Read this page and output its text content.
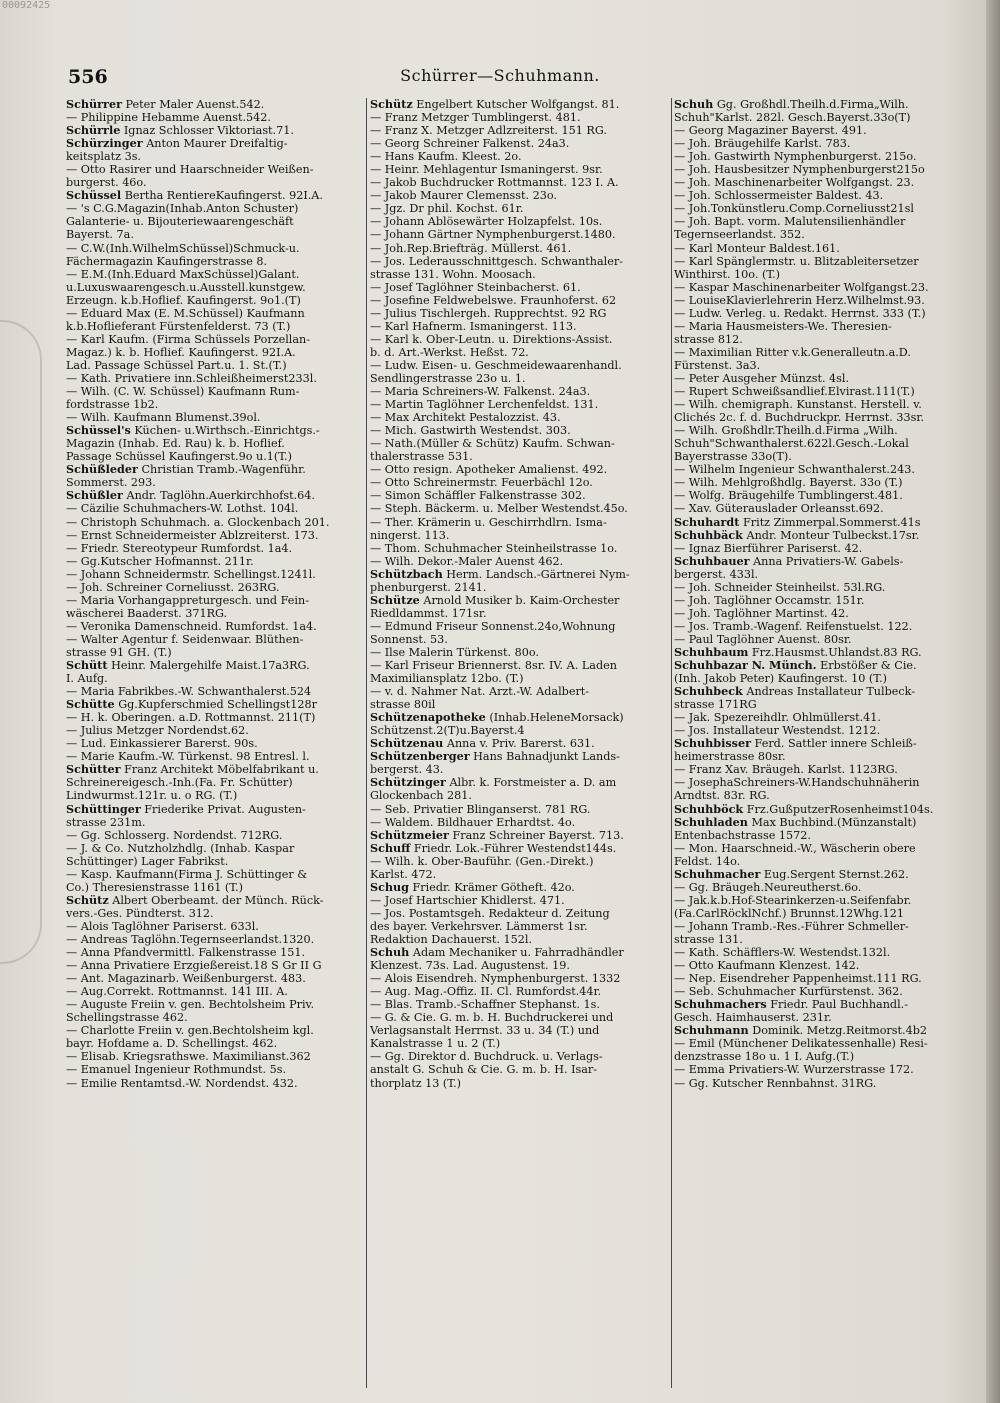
00092425
556	Schürrer—Schuhmann.
Schürrer Peter Maler Auenst.542.
— Philippine Hebamme Auenst.542.
Schürrle Ignaz Schlosser Viktoriast.71.
Schürzinger Anton Maurer Dreifaltig-
keitsplatz 3s.
— Otto Rasirer und Haarschneider Weißen-
burgerst. 46o.
Schüssel Bertha RentiereKaufingerst. 92I.A.
— 's C.G.Magazin(Inhab.Anton Schuster)
Galanterie- u. Bijouteriewaarengeschäft
Bayerst. 7a.
— C.W.(Inh.WilhelmSchüssel)Schmuck-u.
Fächermagazin Kaufingerstrasse 8.
— E.M.(Inh.Eduard MaxSchüssel)Galant.
u.Luxuswaarengesch.u.Ausstell.kunstgew.
Erzeugn. k.b.Hoflief. Kaufingerst. 9o1.(T)
— Eduard Max (E. M.Schüssel) Kaufmann
k.b.Hoflieferant Fürstenfelderst. 73 (T.)
— Karl Kaufm. (Firma Schüssels Porzellan-
Magaz.) k. b. Hoflief. Kaufingerst. 92I.A.
Lad. Passage Schüssel Part.u. 1. St.(T.)
— Kath. Privatiere inn.Schleißheimerst233l.
— Wilh. (C. W. Schüssel) Kaufmann Rum-
fordstrasse 1b2.
— Wilh. Kaufmann Blumenst.39ol.
Schüssel's Küchen- u.Wirthsch.-Einrichtgs.-
Magazin (Inhab. Ed. Rau) k. b. Hoflief.
Passage Schüssel Kaufingerst.9o u.1(T.)
Schüßleder Christian Tramb.-Wagenführ.
Sommerst. 293.
Schüßler Andr. Taglöhn.Auerkirchhofst.64.
— Cäzilie Schuhmachers-W. Lothst. 104l.
— Christoph Schuhmach. a. Glockenbach 201.
— Ernst Schneidermeister Ablzreiterst. 173.
— Friedr. Stereotypeur Rumfordst. 1a4.
— Gg.Kutscher Hofmannst. 211r.
— Johann Schneidermstr. Schellingst.1241l.
— Joh. Schreiner Corneliusst. 263RG.
— Maria Vorhangappreturgesch. und Fein-
wäscherei Baaderst. 371RG.
— Veronika Damenschneid. Rumfordst. 1a4.
— Walter Agentur f. Seidenwaar. Blüthen-
strasse 91 GH. (T.)
Schütt Heinr. Malergehilfe Maist.17a3RG.
I. Aufg.
— Maria Fabrikbes.-W. Schwanthalerst.524
Schütte Gg.Kupferschmied Schellingst128r
— H. k. Oberingen. a.D. Rottmannst. 211(T)
— Julius Metzger Nordendst.62.
— Lud. Einkassierer Barerst. 90s.
— Marie Kaufm.-W. Türkenst. 98 Entresl. l.
Schütter Franz Architekt Möbelfabrikant u.
Schreinereigesch.-Inh.(Fa. Fr. Schütter)
Lindwurmst.121r. u. o RG. (T.)
Schüttinger Friederike Privat. Augusten-
strasse 231m.
— Gg. Schlosserg. Nordendst. 712RG.
— J. & Co. Nutzholzhdlg. (Inhab. Kaspar
Schüttinger) Lager Fabrikst.
— Kasp. Kaufmann(Firma J. Schüttinger &
Co.) Theresienstrasse 1161 (T.)
Schütz Albert Oberbeamt. der Münch. Rück-
vers.-Ges. Pündterst. 312.
— Alois Taglöhner Pariserst. 633l.
— Andreas Taglöhn.Tegernseerlandst.1320.
— Anna Pfandvermittl. Falkenstrasse 151.
— Anna Privatiere Erzgießereist.18 S Gr II G
— Ant. Magazinarb. Weißenburgerst. 483.
— Aug.Correkt. Rottmannst. 141 III. A.
— Auguste Freiin v. gen. Bechtolsheim Priv.
Schellingstrasse 462.
— Charlotte Freiin v. gen.Bechtolsheim kgl.
bayr. Hofdame a. D. Schellingst. 462.
— Elisab. Kriegsrathswe. Maximilianst.362
— Emanuel Ingenieur Rothmundst. 5s.
— Emilie Rentamtsd.-W. Nordendst. 432.
Schütz Engelbert Kutscher Wolfgangst. 81.
— Franz Metzger Tumblingerst. 481.
— Franz X. Metzger Adlzreiterst. 151 RG.
— Georg Schreiner Falkenst. 24a3.
— Hans Kaufm. Kleest. 2o.
— Heinr. Mehlagentur Ismaningerst. 9sr.
— Jakob Buchdrucker Rottmannst. 123 I. A.
— Jakob Maurer Clemensst. 23o.
— Jgz. Dr phil. Kochst. 61r.
— Johann Ablösewärter Holzapfelst. 10s.
— Johann Gärtner Nymphenburgerst.1480.
— Joh.Rep.Briefträg. Müllerst. 461.
— Jos. Lederausschnittgesch. Schwanthaler-
strasse 131. Wohn. Moosach.
— Josef Taglöhner Steinbacherst. 61.
— Josefine Feldwebelswe. Fraunhoferst. 62
— Julius Tischlergeh. Rupprechtst. 92 RG
— Karl Hafnerm. Ismaningerst. 113.
— Karl k. Ober-Leutn. u. Direktions-Assist.
b. d. Art.-Werkst. Heßst. 72.
— Ludw. Eisen- u. Geschmeidewaarenhandl.
Sendlingerstrasse 23o u. 1.
— Maria Schreiners-W. Falkenst. 24a3.
— Martin Taglöhner Lerchenfeldst. 131.
— Max Architekt Pestalozzist. 43.
— Mich. Gastwirth Westendst. 303.
— Nath.(Müller & Schütz) Kaufm. Schwan-
thalerstrasse 531.
— Otto resign. Apotheker Amalienst. 492.
— Otto Schreinermstr. Feuerbächl 12o.
— Simon Schäffler Falkenstrasse 302.
— Steph. Bäckerm. u. Melber Westendst.45o.
— Ther. Krämerin u. Geschirrhdlrn. Isma-
ningerst. 113.
— Thom. Schuhmacher Steinheilstrasse 1o.
— Wilh. Dekor.-Maler Auenst 462.
Schützbach Herm. Landsch.-Gärtnerei Nym-
phenburgerst. 2141.
Schütze Arnold Musiker b. Kaim-Orchester
Riedldammst. 171sr.
— Edmund Friseur Sonnenst.24o,Wohnung
Sonnenst. 53.
— Ilse Malerin Türkenst. 80o.
— Karl Friseur Briennerst. 8sr. IV. A. Laden
Maximiliansplatz 12bo. (T.)
— v. d. Nahmer Nat. Arzt.-W. Adalbert-
strasse 80il
Schützenapotheke (Inhab.HeleneMorsack)
Schützenst.2(T)u.Bayerst.4
Schützenau Anna v. Priv. Barerst. 631.
Schützenberger Hans Bahnadjunkt Lands-
bergerst. 43.
Schützinger Albr. k. Forstmeister a. D. am
Glockenbach 281.
— Seb. Privatier Blinganserst. 781 RG.
— Waldem. Bildhauer Erhardtst. 4o.
Schützmeier Franz Schreiner Bayerst. 713.
Schuff Friedr. Lok.-Führer Westendst144s.
— Wilh. k. Ober-Bauführ. (Gen.-Direkt.)
Karlst. 472.
Schug Friedr. Krämer Götheft. 42o.
— Josef Hartschier Khidlerst. 471.
— Jos. Postamtsgeh. Redakteur d. Zeitung
des bayer. Verkehrsver. Lämmerst 1sr.
Redaktion Dachauerst. 152l.
Schuh Adam Mechaniker u. Fahrradhändler
Klenzest. 73s. Lad. Augustenst. 19.
— Alois Eisendreh. Nymphenburgerst. 1332
— Aug. Mag.-Offiz. II. Cl. Rumfordst.44r.
— Blas. Tramb.-Schaffner Stephanst. 1s.
— G. & Cie. G. m. b. H. Buchdruckerei und
Verlagsanstalt Herrnst. 33 u. 34 (T.) und
Kanalstrasse 1 u. 2 (T.)
— Gg. Direktor d. Buchdruck. u. Verlags-
anstalt G. Schuh & Cie. G. m. b. H. Isar-
thorplatz 13 (T.)
Schuh Gg. Großhdl.Theilh.d.Firma„Wilh.
Schuh"Karlst. 282l. Gesch.Bayerst.33o(T)
— Georg Magaziner Bayerst. 491.
— Joh. Bräugehilfe Karlst. 783.
— Joh. Gastwirth Nymphenburgerst. 215o.
— Joh. Hausbesitzer Nymphenburgerst215o
— Joh. Maschinenarbeiter Wolfgangst. 23.
— Joh. Schlossermeister Baldest. 43.
— Joh.Tonkünstleru.Comp.Corneliusst21sl
— Joh. Bapt. vorm. Malutensilienhändler
Tegernseerlandst. 352.
— Karl Monteur Baldest.161.
— Karl Spänglermstr. u. Blitzableitersetzer
Winthirst. 10o. (T.)
— Kaspar Maschinenarbeiter Wolfgangst.23.
— LouiseKlavierlehrerin Herz.Wilhelmst.93.
— Ludw. Verleg. u. Redakt. Herrnst. 333 (T.)
— Maria Hausmeisters-We. Theresien-
strasse 812.
— Maximilian Ritter v.k.Generalleutn.a.D.
Fürstenst. 3a3.
— Peter Ausgeher Münzst. 4sl.
— Rupert Schweißsandlief.Elvirast.111(T.)
— Wilh. chemigraph. Kunstanst. Herstell. v.
Clichés 2c. f. d. Buchdruckpr. Herrnst. 33sr.
— Wilh. Großhdlr.Theilh.d.Firma „Wilh.
Schuh"Schwanthalerst.622l.Gesch.-Lokal
Bayerstrasse 33o(T).
— Wilhelm Ingenieur Schwanthalerst.243.
— Wilh. Mehlgroßhdlg. Bayerst. 33o (T.)
— Wolfg. Bräugehilfe Tumblingerst.481.
— Xav. Güterauslader Orleansst.692.
Schuhardt Fritz Zimmerpal.Sommerst.41s
Schuhbäck Andr. Monteur Tulbeckst.17sr.
— Ignaz Bierführer Pariserst. 42.
Schuhbauer Anna Privatiers-W. Gabels-
bergerst. 433l.
— Joh. Schneider Steinheilst. 53l.RG.
— Joh. Taglöhner Occamstr. 151r.
— Joh. Taglöhner Martinst. 42.
— Jos. Tramb.-Wagenf. Reifenstuelst. 122.
— Paul Taglöhner Auenst. 80sr.
Schuhbaum Frz.Hausmst.Uhlandst.83 RG.
Schuhbazar N. Münch. Erbstößer & Cie.
(Inh. Jakob Peter) Kaufingerst. 10 (T.)
Schuhbeck Andreas Installateur Tulbeck-
strasse 171RG
— Jak. Spezereihdlr. Ohlmüllerst.41.
— Jos. Installateur Westendst. 1212.
Schuhbisser Ferd. Sattler innere Schleiß-
heimerstrasse 80sr.
— Franz Xav. Bräugeh. Karlst. 1123RG.
— JosephaSchreiners-W.Handschuhnäherin
Arndtst. 83r. RG.
Schuhböck Frz.GußputzerRosenheimst104s.
Schuhladen Max Buchbind.(Münzanstalt)
Entenbachstrasse 1572.
— Mon. Haarschneid.-W., Wäscherin obere
Feldst. 14o.
Schuhmacher Eug.Sergent Sternst.262.
— Gg. Bräugeh.Neureutherst.6o.
— Jak.k.b.Hof-Stearinkerzen-u.Seifenfabr.
(Fa.CarlRöcklNchf.) Brunnst.12Whg.121
— Johann Tramb.-Res.-Führer Schmeller-
strasse 131.
— Kath. Schäfflers-W. Westendst.132l.
— Otto Kaufmann Klenzest. 142.
— Nep. Eisendreher Pappenheimst.111 RG.
— Seb. Schuhmacher Kurfürstenst. 362.
Schuhmachers Friedr. Paul Buchhandl.-
Gesch. Haimhauserst. 231r.
Schuhmann Dominik. Metzg.Reitmorst.4b2
— Emil (Münchener Delikatessenhalle) Resi-
denzstrasse 18o u. 1 I. Aufg.(T.)
— Emma Privatiers-W. Wurzerstrasse 172.
— Gg. Kutscher Rennbahnst. 31RG.
